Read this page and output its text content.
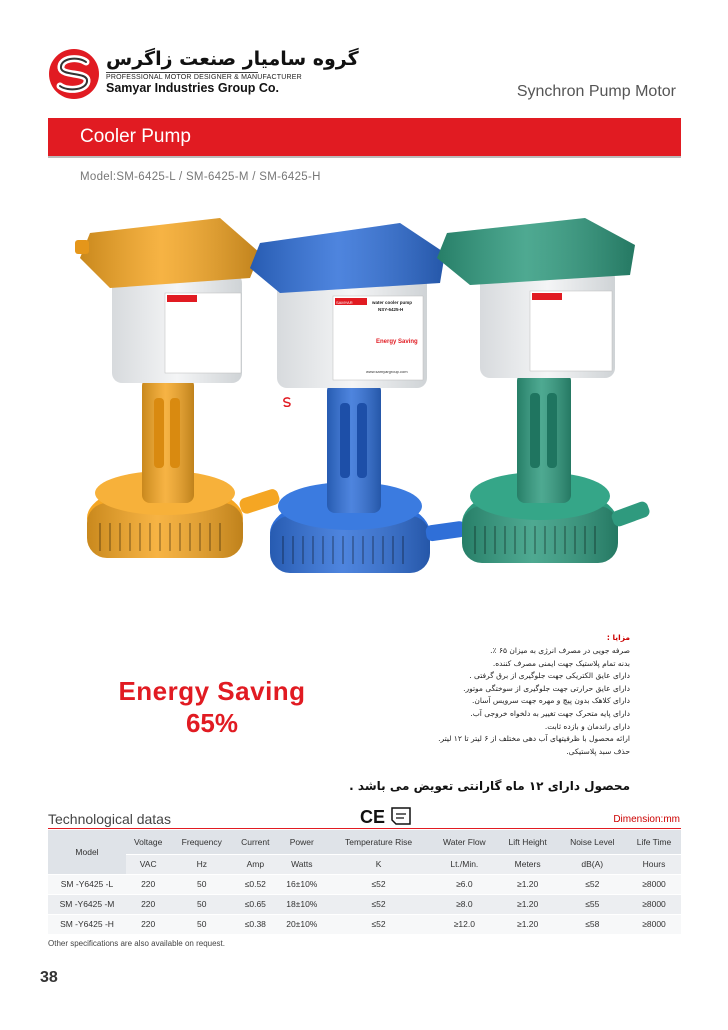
گروه سامیار صنعت زاگرس
PROFESSIONAL MOTOR DESIGNER & MANUFACTURER
Samyar Industries Group Co.	Synchron Pump Motor
Cooler Pump
Model:SM-6425-L / SM-6425-M / SM-6425-H
SAMYAR
SAMYAR GROUP
water cooler pump
NSY-6425-H
Energy Saving
www.samyargroup.com
مزایا :
صرفه جویی در مصرف انرژی به میزان ۶۵ ٪.
بدنه تمام پلاستیک جهت ایمنی مصرف کننده.
دارای عایق الکتریکی جهت جلوگیری از برق گرفتی .
دارای عایق حرارتی جهت جلوگیری از سوختگی موتور.
دارای کلاهک بدون پیچ و مهره جهت سرویس آسان.
دارای پایه متحرک جهت تغییر به دلخواه خروجی آب.
دارای راندمان و بازده ثابت.
ارائه محصول با ظرفیتهای آب دهی مختلف از ۶ لیتر تا ۱۲ لیتر.
حذف سبد پلاستیکی.
Energy Saving
65%
محصول دارای ۱۲ ماه گارانتی تعویض می باشد .
Technological datas	CE	Dimension:mm
Model	Voltage	Frequency	Current	Power	Temperature Rise	Water Flow	Lift Height	Noise Level	Life Time
	VAC	Hz	Amp	Watts	K	Lt./Min.	Meters	dB(A)	Hours
SM -Y6425 -L	220	50	≤0.52	16±10%	≤52	≥6.0	≥1.20	≤52	≥8000
SM -Y6425 -M	220	50	≤0.65	18±10%	≤52	≥8.0	≥1.20	≤55	≥8000
SM -Y6425 -H	220	50	≤0.38	20±10%	≤52	≥12.0	≥1.20	≤58	≥8000
Other specifications are also available on request.
38
